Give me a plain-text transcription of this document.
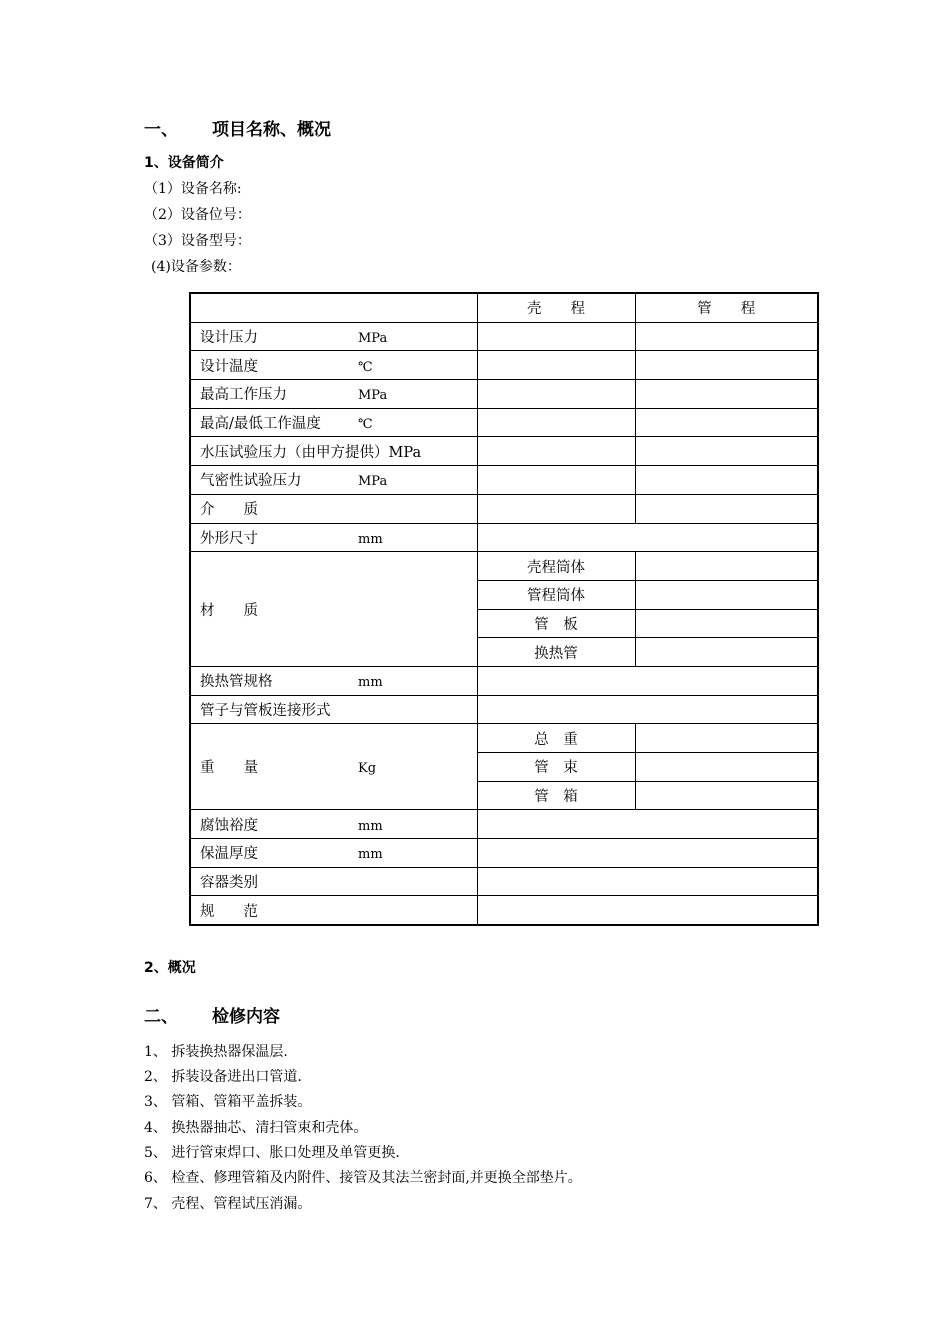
一、 项目名称、概况
1、设备简介
（1）设备名称:
（2）设备位号：
（3）设备型号：
(4)设备参数：
	壳　　程	管　　程
设计压力 MPa		
设计温度 ℃		
最高工作压力 MPa		
最高/最低工作温度 ℃		
水压试验压力（由甲方提供）MPa		
气密性试验压力 MPa		
介　　质		
外形尺寸 mm		
材　　质	壳程筒体	
	管程筒体	
	管　板	
	换热管	
换热管规格 mm		
管子与管板连接形式		
重　　量 Kg	总　重	
	管　束	
	管　箱	
腐蚀裕度 mm		
保温厚度 mm		
容器类别		
规　　范		
2、概况
二、 检修内容
1、 拆装换热器保温层.
2、 拆装设备进出口管道.
3、 管箱、管箱平盖拆装。
4、 换热器抽芯、清扫管束和壳体。
5、 进行管束焊口、胀口处理及单管更换.
6、 检查、修理管箱及内附件、接管及其法兰密封面,并更换全部垫片。
7、 壳程、管程试压消漏。
